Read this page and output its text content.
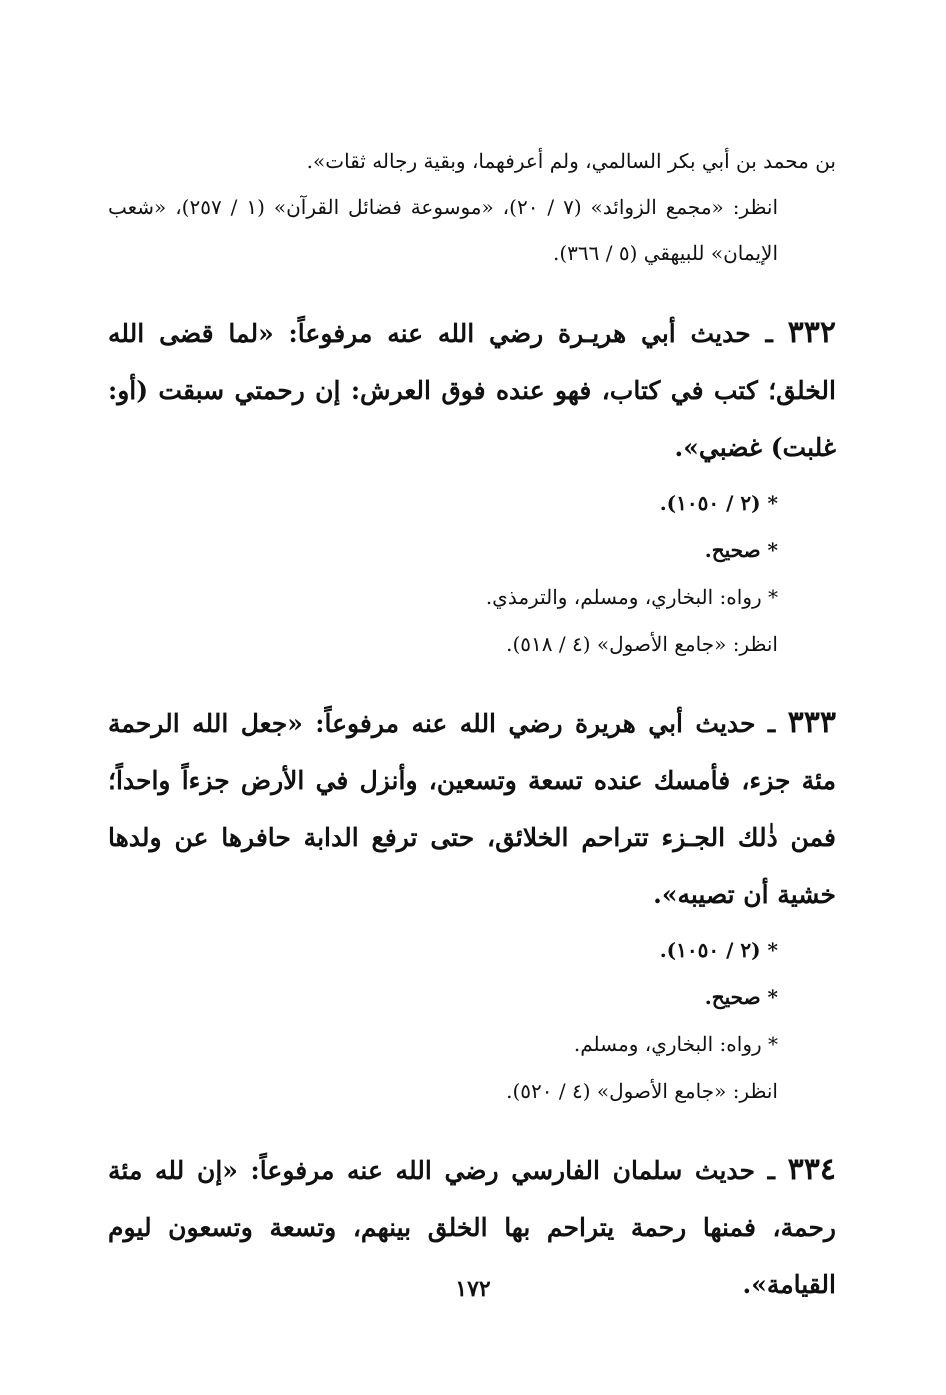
بن محمد بن أبي بكر السالمي، ولم أعرفهما، وبقية رجاله ثقات».

انظر: «مجمع الزوائد» (٧ / ٢٠)، «موسوعة فضائل القرآن» (١ / ٢٥٧)، «شعب الإيمان» للبيهقي (٥ / ٣٦٦).

٣٣٢ ـ حديث أبي هريـرة رضي الله عنه مرفوعاً: «لما قضى الله الخلق؛ كتب في كتاب، فهو عنده فوق العرش: إن رحمتي سبقت (أو: غلبت) غضبي».

* (٢ / ١٠٥٠).

* صحيح.

* رواه: البخاري، ومسلم، والترمذي.

انظر: «جامع الأصول» (٤ / ٥١٨).

٣٣٣ ـ حديث أبي هريرة رضي الله عنه مرفوعاً: «جعل الله الرحمة مئة جزء، فأمسك عنده تسعة وتسعين، وأنزل في الأرض جزءاً واحداً؛ فمن ذٰلك الجـزء تتراحم الخلائق، حتى ترفع الدابة حافرها عن ولدها خشية أن تصيبه».

* (٢ / ١٠٥٠).

* صحيح.

* رواه: البخاري، ومسلم.

انظر: «جامع الأصول» (٤ / ٥٢٠).

٣٣٤ ـ حديث سلمان الفارسي رضي الله عنه مرفوعاً: «إن لله مئة رحمة، فمنها رحمة يتراحم بها الخلق بينهم، وتسعة وتسعون ليوم القيامة».

١٧٢
